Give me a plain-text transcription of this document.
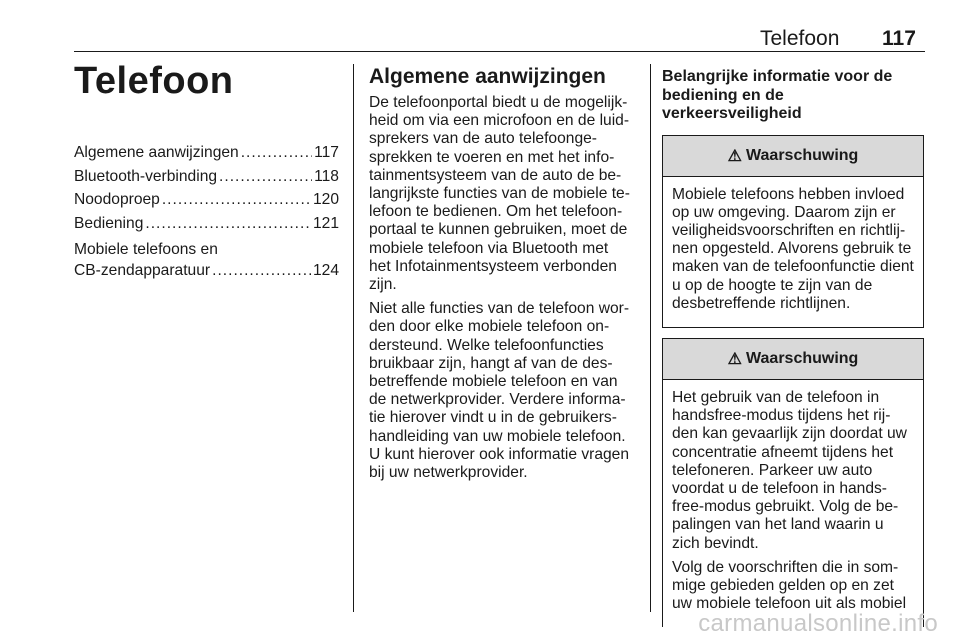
Telefoon 117
Telefoon
Algemene aanwijzingen .....	117
Bluetooth-verbinding .....	118
Noodoproep .....	120
Bediening .....	121
Mobiele telefoons en
CB-zendapparatuur .....	124
Algemene aanwijzingen

De telefoonportal biedt u de mogelijk-heid om via een microfoon en de luid-sprekers van de auto telefoonge-sprekken te voeren en met het info-tainmentsysteem van de auto de be-langrijkste functies van de mobiele te-lefoon te bedienen. Om het telefoon-portaal te kunnen gebruiken, moet de mobiele telefoon via Bluetooth met het Infotainmentsysteem verbonden zijn.

Niet alle functies van de telefoon wor-den door elke mobiele telefoon on-dersteund. Welke telefoonfuncties bruikbaar zijn, hangt af van de des-betreffende mobiele telefoon en van de netwerkprovider. Verdere informa-tie hierover vindt u in de gebruikers-handleiding van uw mobiele telefoon. U kunt hierover ook informatie vragen bij uw netwerkprovider.

Belangrijke informatie voor de bediening en de verkeersveiligheid
⚠ Waarschuwing

Mobiele telefoons hebben invloed op uw omgeving. Daarom zijn er veiligheidsvoorschriften en richtlij-nen opgesteld. Alvorens gebruik te maken van de telefoonfunctie dient u op de hoogte te zijn van de desbetreffende richtlijnen.

⚠ Waarschuwing

Het gebruik van de telefoon in handsfree-modus tijdens het rij-den kan gevaarlijk zijn doordat uw concentratie afneemt tijdens het telefoneren. Parkeer uw auto voordat u de telefoon in hands-free-modus gebruikt. Volg de be-palingen van het land waarin u zich bevindt.

Volg de voorschriften die in som-mige gebieden gelden op en zet uw mobiele telefoon uit als mobiel

carmanualsonline.info
